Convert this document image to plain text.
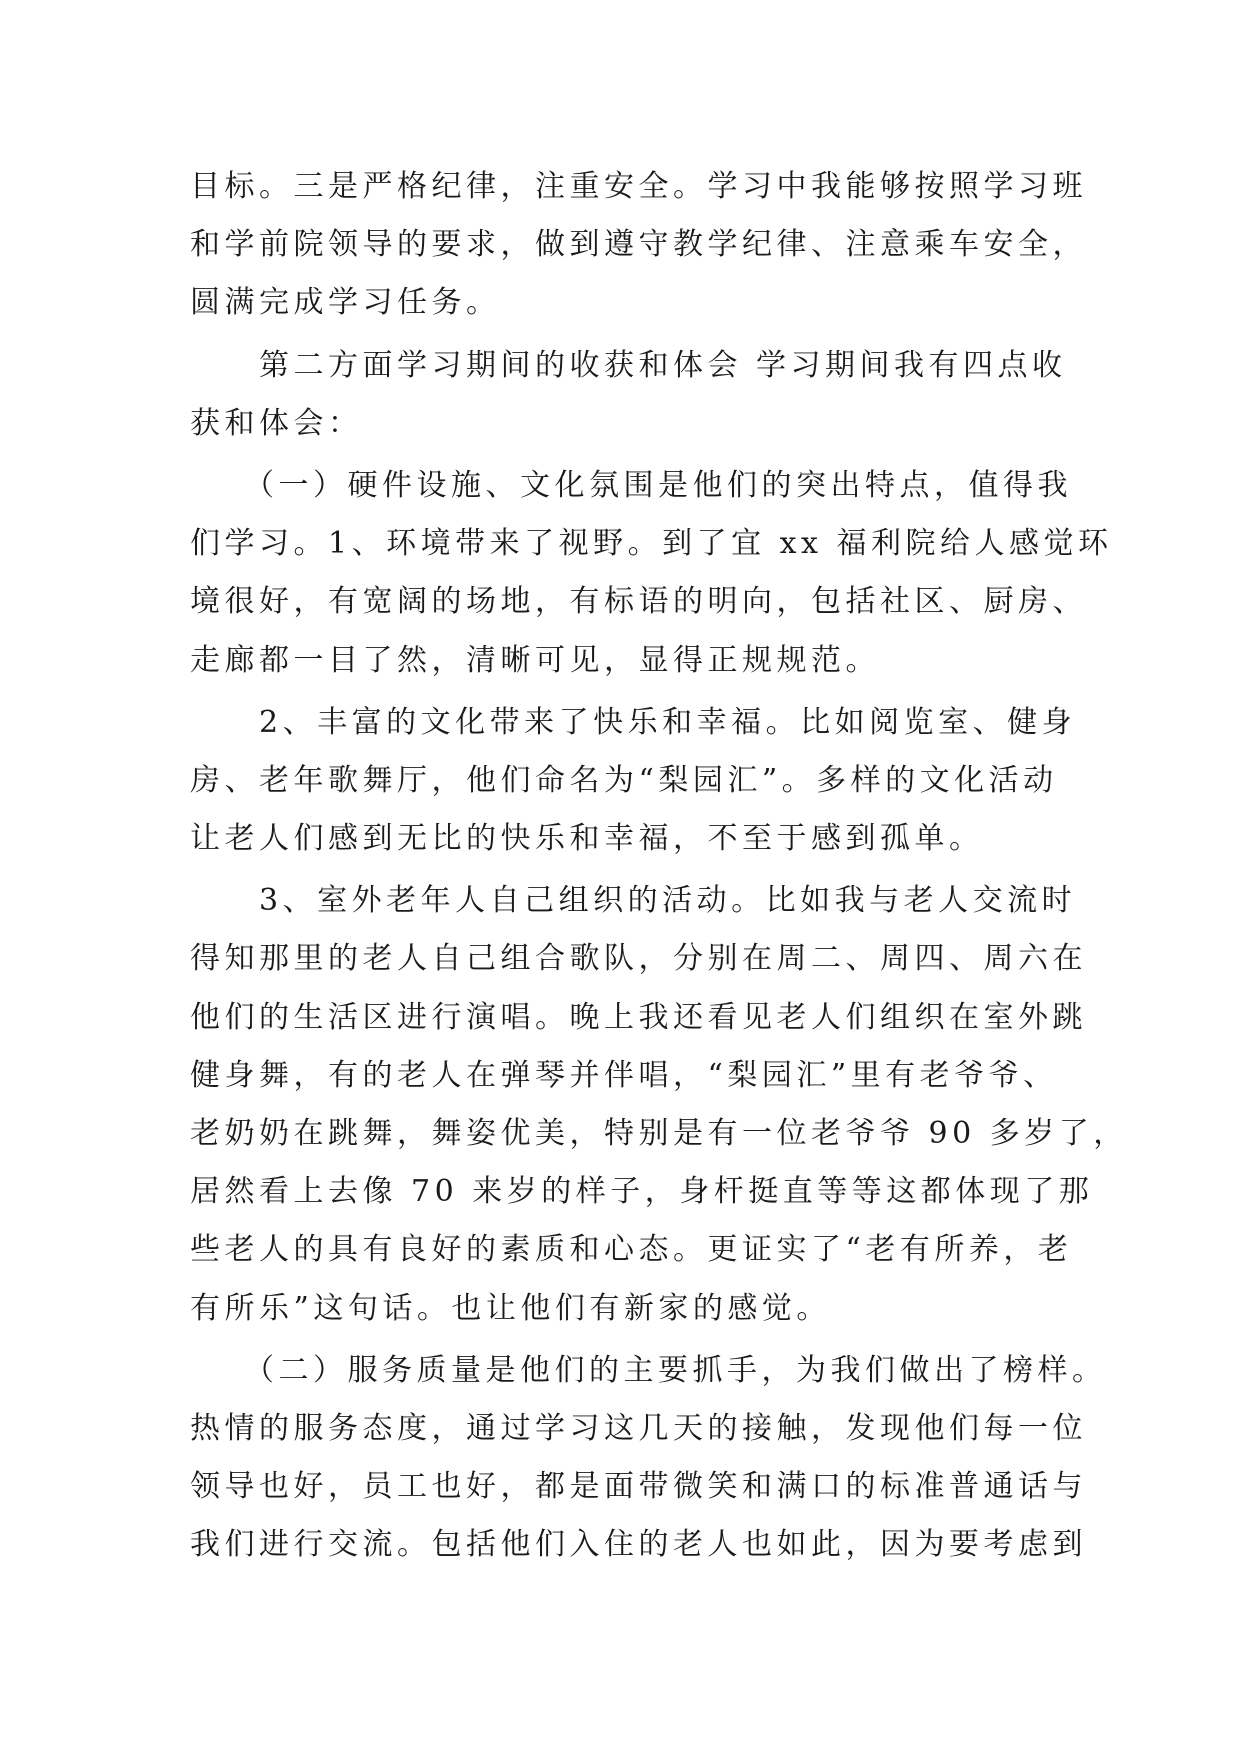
目标。三是严格纪律，注重安全。学习中我能够按照学习班
和学前院领导的要求，做到遵守教学纪律、注意乘车安全，
圆满完成学习任务。
　　第二方面学习期间的收获和体会 学习期间我有四点收
获和体会：
　　（一）硬件设施、文化氛围是他们的突出特点，值得我
们学习。1、环境带来了视野。到了宜 xx 福利院给人感觉环
境很好，有宽阔的场地，有标语的明向，包括社区、厨房、
走廊都一目了然，清晰可见，显得正规规范。
　　2、丰富的文化带来了快乐和幸福。比如阅览室、健身
房、老年歌舞厅，他们命名为“梨园汇”。多样的文化活动
让老人们感到无比的快乐和幸福，不至于感到孤单。
　　3、室外老年人自己组织的活动。比如我与老人交流时
得知那里的老人自己组合歌队，分别在周二、周四、周六在
他们的生活区进行演唱。晚上我还看见老人们组织在室外跳
健身舞，有的老人在弹琴并伴唱，“梨园汇”里有老爷爷、
老奶奶在跳舞，舞姿优美，特别是有一位老爷爷 90 多岁了，
居然看上去像 70 来岁的样子，身杆挺直等等这都体现了那
些老人的具有良好的素质和心态。更证实了“老有所养，老
有所乐”这句话。也让他们有新家的感觉。
　　（二）服务质量是他们的主要抓手，为我们做出了榜样。
热情的服务态度，通过学习这几天的接触，发现他们每一位
领导也好，员工也好，都是面带微笑和满口的标准普通话与
我们进行交流。包括他们入住的老人也如此，因为要考虑到
